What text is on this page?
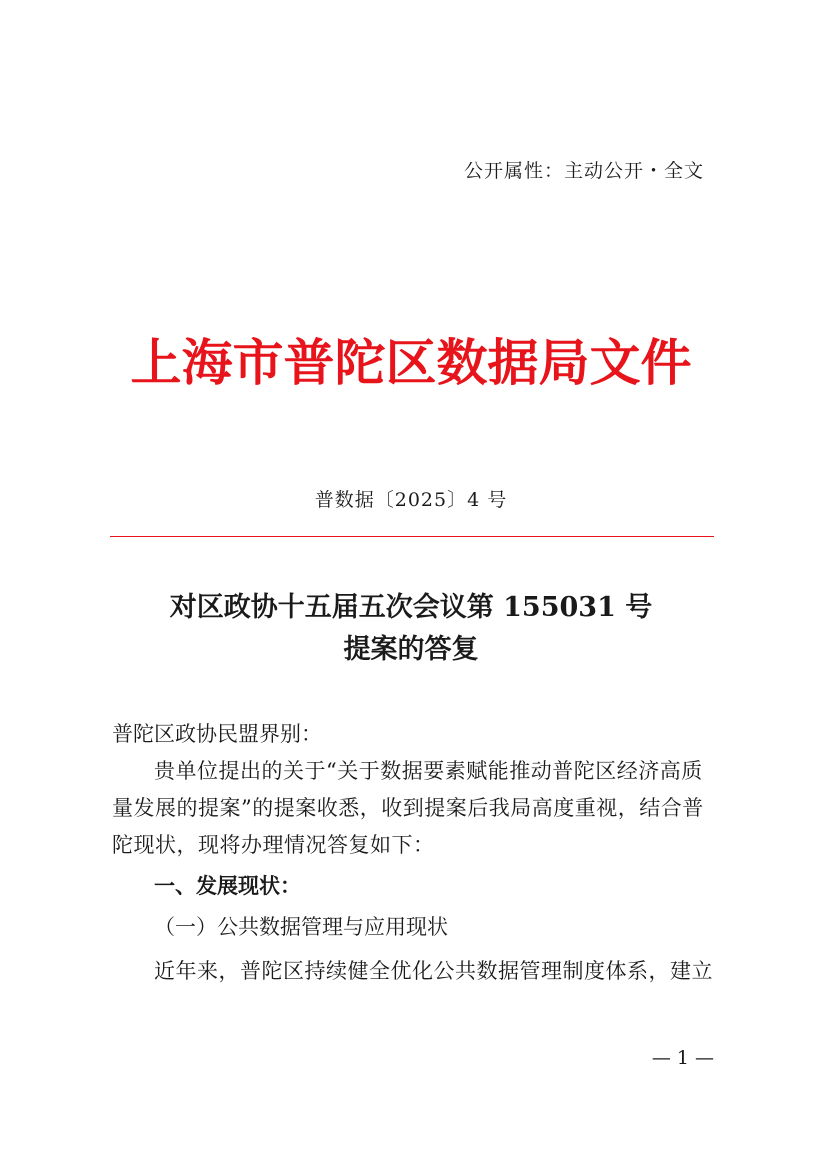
公开属性：主动公开・全文
上海市普陀区数据局文件
普数据〔2025〕4 号
对区政协十五届五次会议第 155031 号
提案的答复
普陀区政协民盟界别：
贵单位提出的关于“关于数据要素赋能推动普陀区经济高质量发展的提案”的提案收悉，收到提案后我局高度重视，结合普陀现状，现将办理情况答复如下：
一、发展现状：
（一）公共数据管理与应用现状
近年来，普陀区持续健全优化公共数据管理制度体系，建立
— 1 —
